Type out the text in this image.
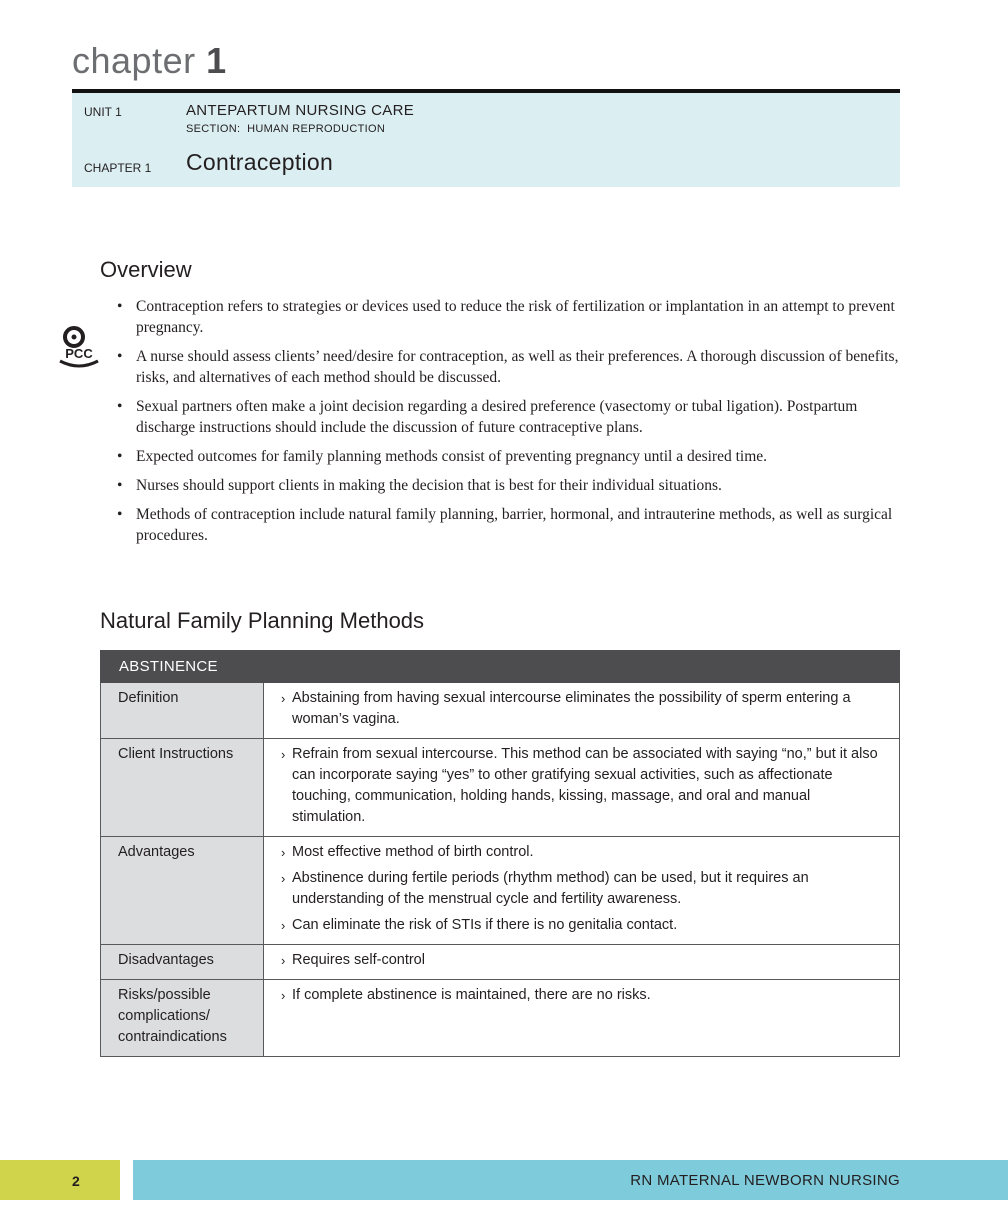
chapter 1
UNIT 1	ANTEPARTUM NURSING CARE
SECTION: HUMAN REPRODUCTION
CHAPTER 1 Contraception
Overview
PCC
• Contraception refers to strategies or devices used to reduce the risk of fertilization or implantation in an attempt to prevent pregnancy.
• A nurse should assess clients’ need/desire for contraception, as well as their preferences. A thorough discussion of benefits, risks, and alternatives of each method should be discussed.
• Sexual partners often make a joint decision regarding a desired preference (vasectomy or tubal ligation). Postpartum discharge instructions should include the discussion of future contraceptive plans.
• Expected outcomes for family planning methods consist of preventing pregnancy until a desired time.
• Nurses should support clients in making the decision that is best for their individual situations.
• Methods of contraception include natural family planning, barrier, hormonal, and intrauterine methods, as well as surgical procedures.
Natural Family Planning Methods
ABSTINENCE	
Definition	› Abstaining from having sexual intercourse eliminates the possibility of sperm entering a woman’s vagina.

Client Instructions	› Refrain from sexual intercourse. This method can be associated with saying “no,” but it also can incorporate saying “yes” to other gratifying sexual activities, such as affectionate touching, communication, holding hands, kissing, massage, and oral and manual stimulation.

Advantages	› Most effective method of birth control.
› Abstinence during fertile periods (rhythm method) can be used, but it requires an understanding of the menstrual cycle and fertility awareness.
› Can eliminate the risk of STIs if there is no genitalia contact.

Disadvantages	› Requires self-control

Risks/possible complications/ contraindications	› If complete abstinence is maintained, there are no risks.
2	RN MATERNAL NEWBORN NURSING
